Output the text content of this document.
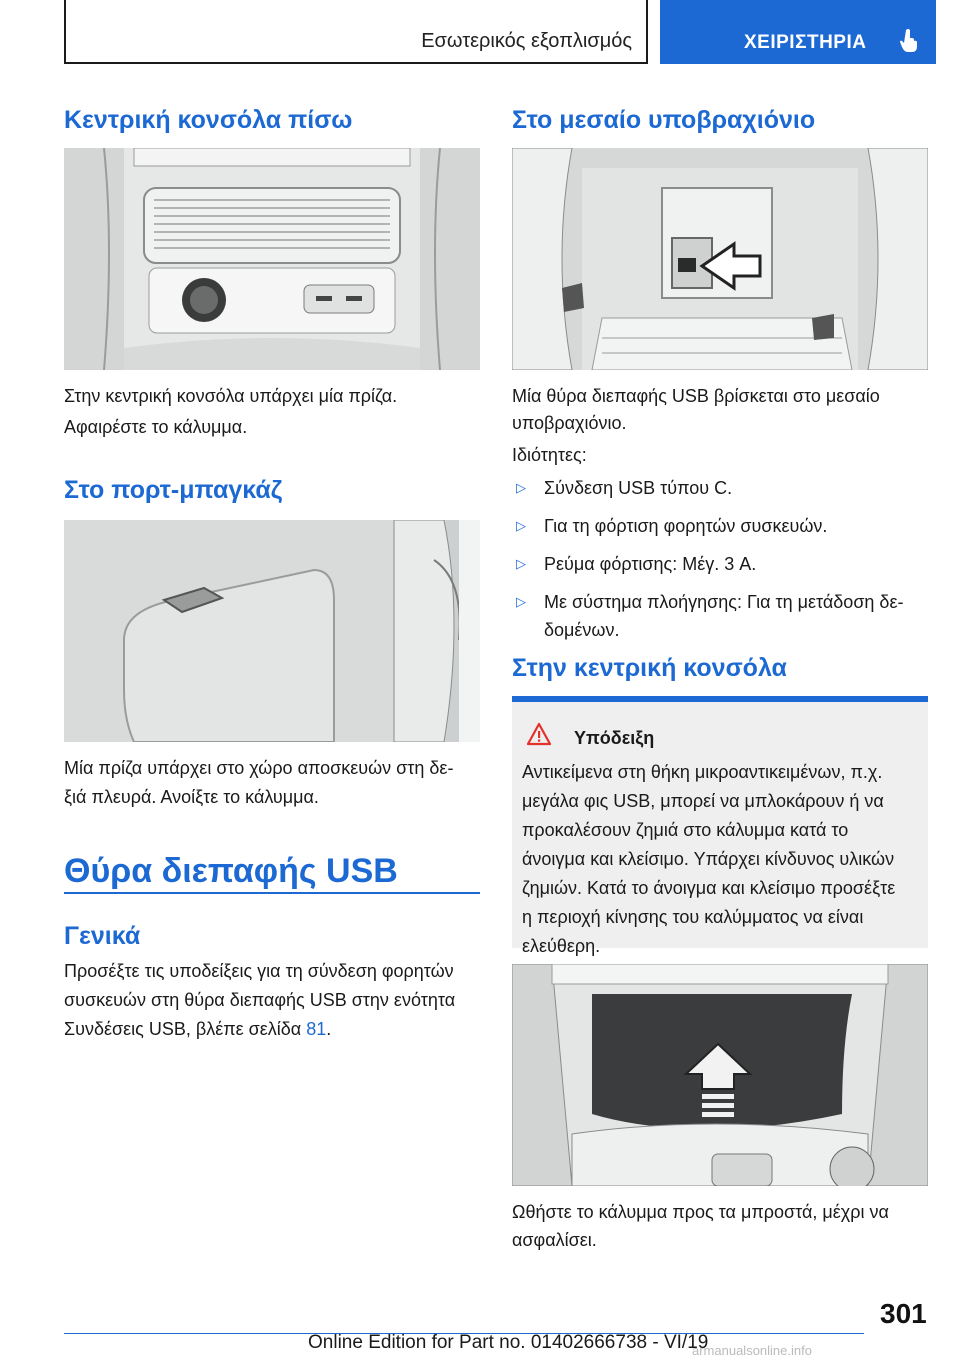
Εσωτερικός εξοπλισμός	ΧΕΙΡΙΣΤΗΡΙΑ
Κεντρική κονσόλα πίσω

Στην κεντρική κονσόλα υπάρχει μία πρίζα.

Αφαιρέστε το κάλυμμα.

Στο πορτ-μπαγκάζ

Μία πρίζα υπάρχει στο χώρο αποσκευών στη δε-

ξιά πλευρά. Ανοίξτε το κάλυμμα.

Θύρα διεπαφής USB
Γενικά

Προσέξτε τις υποδείξεις για τη σύνδεση φορητών

συσκευών στη θύρα διεπαφής USB στην ενότητα

Συνδέσεις USB, βλέπε σελίδα 81.

Στο μεσαίο υποβραχιόνιο

Μία θύρα διεπαφής USB βρίσκεται στο μεσαίο

υποβραχιόνιο.

Ιδιότητες:

▷ Σύνδεση USB τύπου C.
▷ Για τη φόρτιση φορητών συσκευών.
▷ Ρεύμα φόρτισης: Μέγ. 3 A.
▷ Με σύστημα πλοήγησης: Για τη μετάδοση δε-
δομένων.
Στην κεντρική κονσόλα
Υπόδειξη

Αντικείμενα στη θήκη μικροαντικειμένων, π.χ.
μεγάλα φις USB, μπορεί να μπλοκάρουν ή να
προκαλέσουν ζημιά στο κάλυμμα κατά το
άνοιγμα και κλείσιμο. Υπάρχει κίνδυνος υλικών
ζημιών. Κατά το άνοιγμα και κλείσιμο προσέξτε
η περιοχή κίνησης του καλύμματος να είναι
ελεύθερη.

Ωθήστε το κάλυμμα προς τα μπροστά, μέχρι να

ασφαλίσει.

301
Online Edition for Part no. 01402666738 - VI/19
armanualsonline.info
